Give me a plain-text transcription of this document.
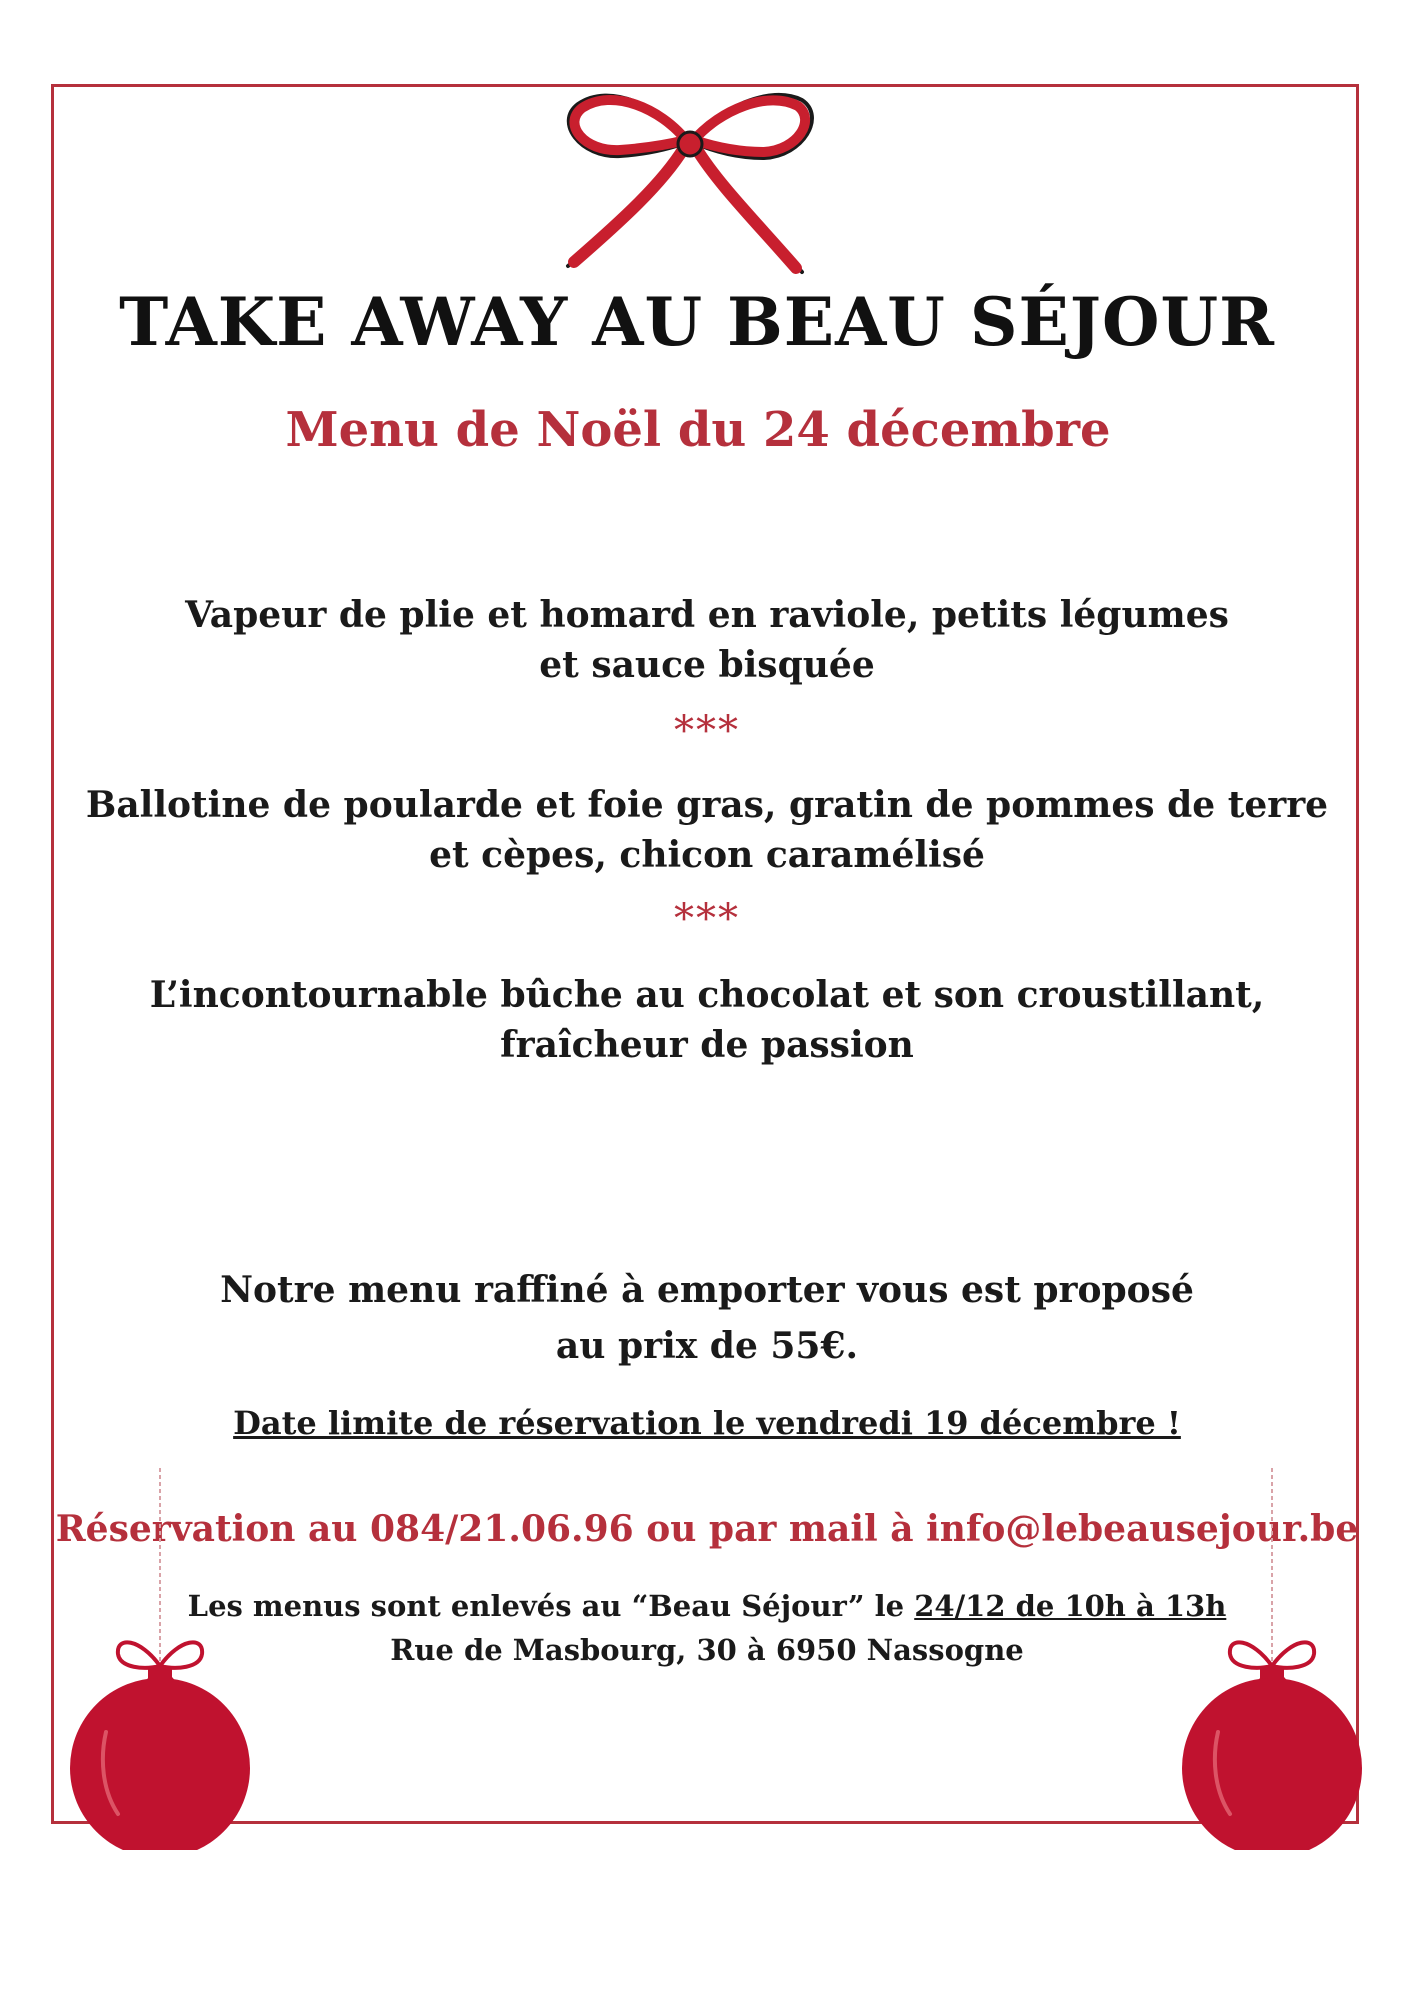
TAKE AWAY AU BEAU SÉJOUR
Menu de Noël du 24 décembre
Vapeur de plie et homard en raviole, petits légumes
et sauce bisquée
***
Ballotine de poularde et foie gras, gratin de pommes de terre
et cèpes, chicon caramélisé
***
L’incontournable bûche au chocolat et son croustillant,
fraîcheur de passion
Notre menu raffiné à emporter vous est proposé
au prix de 55€.
Date limite de réservation le vendredi 19 décembre !
Réservation au 084/21.06.96 ou par mail à info@lebeausejour.be
Les menus sont enlevés au “Beau Séjour” le 24/12 de 10h à 13h
Rue de Masbourg, 30 à 6950 Nassogne
